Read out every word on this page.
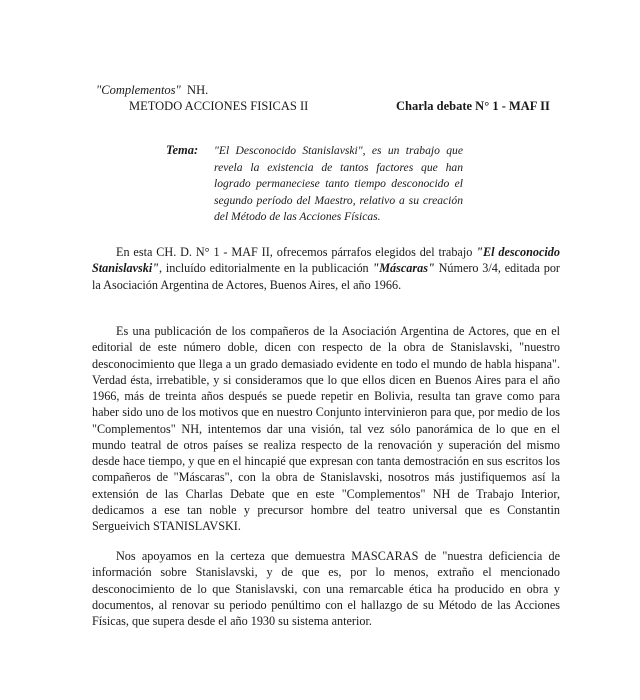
"Complementos" NH.
METODO ACCIONES FISICAS II	Charla debate N° 1 - MAF II
Tema: "El Desconocido Stanislavski", es un trabajo que revela la existencia de tantos factores que han logrado permaneciese tanto tiempo desconocido el segundo período del Maestro, relativo a su creación del Método de las Acciones Físicas.

En esta CH. D. N° 1 - MAF II, ofrecemos párrafos elegidos del trabajo "El desconocido Stanislavski", incluído editorialmente en la publicación "Máscaras" Número 3/4, editada por la Asociación Argentina de Actores, Buenos Aires, el año 1966.

Es una publicación de los compañeros de la Asociación Argentina de Actores, que en el editorial de este número doble, dicen con respecto de la obra de Stanislavski, "nuestro desconocimiento que llega a un grado demasiado evidente en todo el mundo de habla hispana". Verdad ésta, irrebatible, y si consideramos que lo que ellos dicen en Buenos Aires para el año 1966, más de treinta años después se puede repetir en Bolivia, resulta tan grave como para haber sido uno de los motivos que en nuestro Conjunto intervinieron para que, por medio de los "Complementos" NH, intentemos dar una visión, tal vez sólo panorámica de lo que en el mundo teatral de otros países se realiza respecto de la renovación y superación del mismo desde hace tiempo, y que en el hincapié que expresan con tanta demostración en sus escritos los compañeros de "Máscaras", con la obra de Stanislavski, nosotros más justifiquemos así la extensión de las Charlas Debate que en este "Complementos" NH de Trabajo Interior, dedicamos a ese tan noble y precursor hombre del teatro universal que es Constantin Sergueivich STANISLAVSKI.

Nos apoyamos en la certeza que demuestra MASCARAS de "nuestra deficiencia de información sobre Stanislavski, y de que es, por lo menos, extraño el mencionado desconocimiento de lo que Stanislavski, con una remarcable ética ha producido en obra y documentos, al renovar su periodo penúltimo con el hallazgo de su Método de las Acciones Físicas, que supera desde el año 1930 su sistema anterior.
